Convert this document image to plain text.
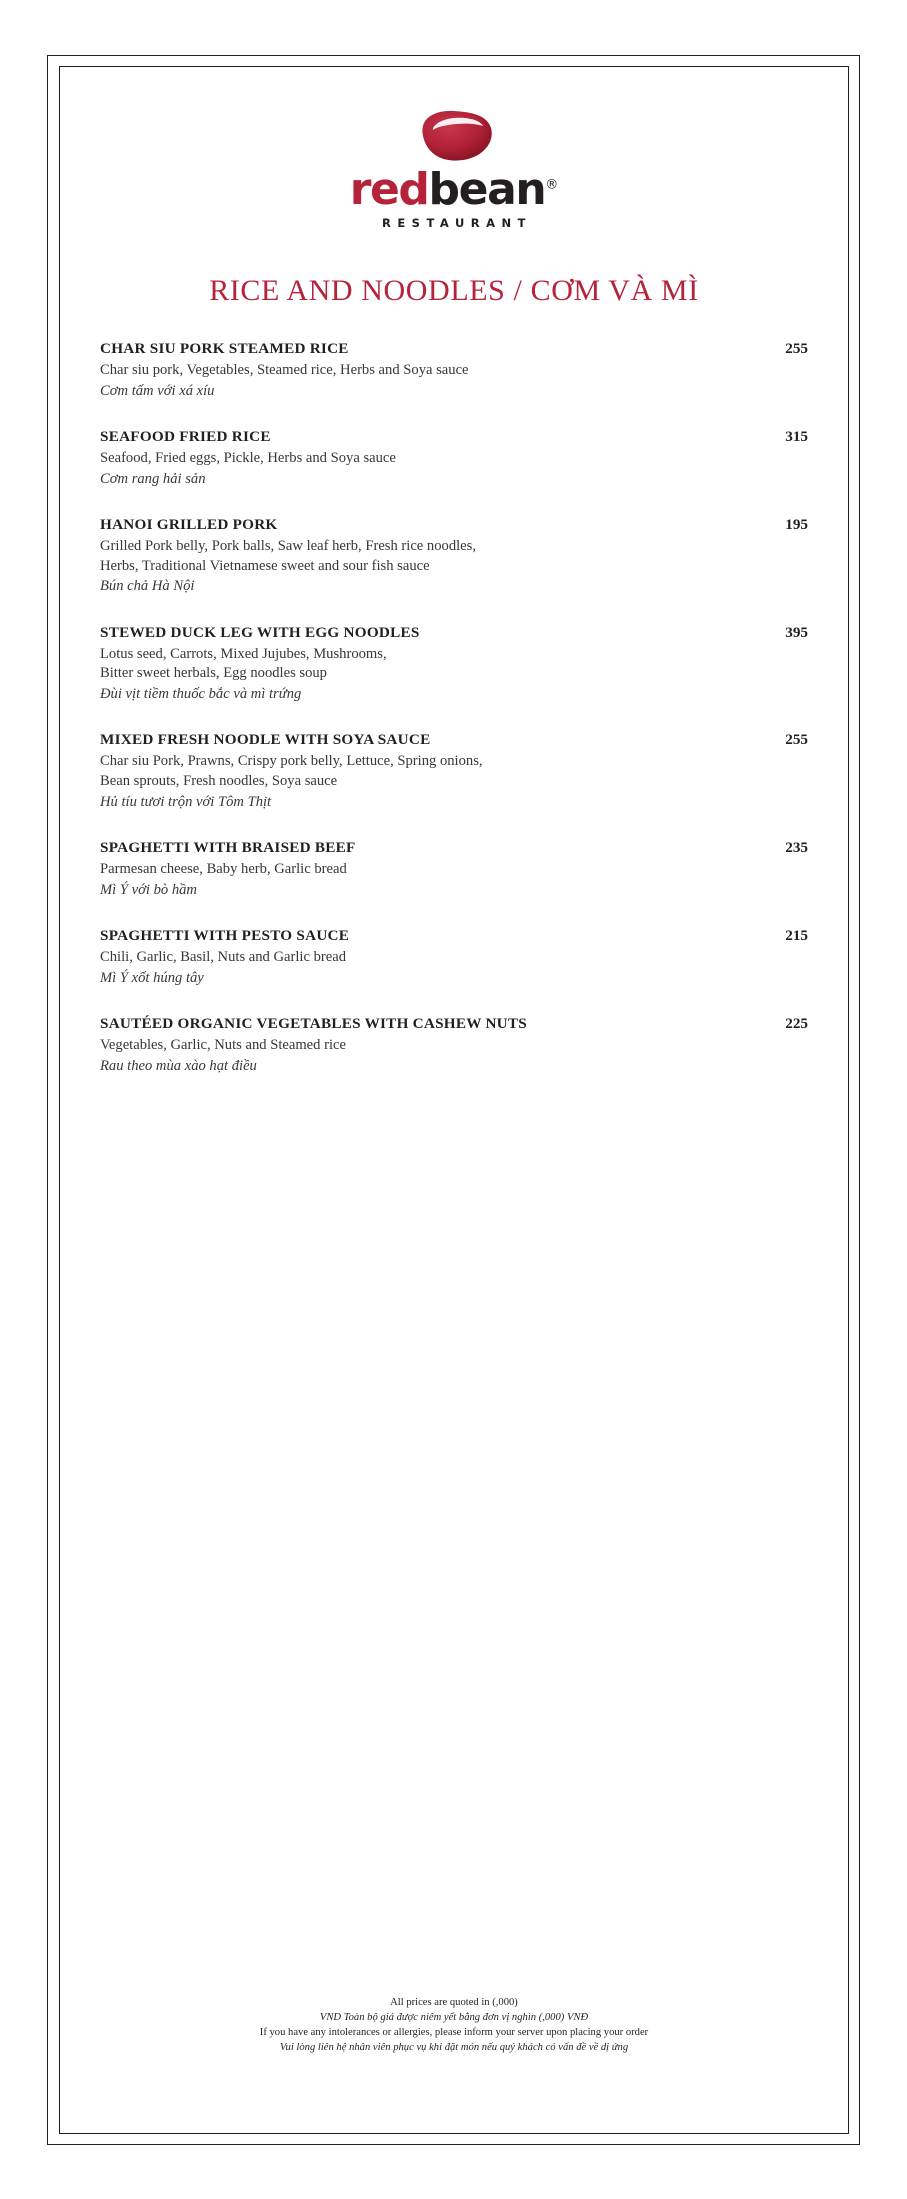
redbean®
RESTAURANT
RICE AND NOODLES / CƠM VÀ MÌ
CHAR SIU PORK STEAMED RICE	255
Char siu pork, Vegetables, Steamed rice, Herbs and Soya sauce
Cơm tấm với xá xíu
SEAFOOD FRIED RICE	315
Seafood, Fried eggs, Pickle, Herbs and Soya sauce
Cơm rang hải sản
HANOI GRILLED PORK	195
Grilled Pork belly, Pork balls, Saw leaf herb, Fresh rice noodles,
Herbs, Traditional Vietnamese sweet and sour fish sauce
Bún chả Hà Nội
STEWED DUCK LEG WITH EGG NOODLES	395
Lotus seed, Carrots, Mixed Jujubes, Mushrooms,
Bitter sweet herbals, Egg noodles soup
Đùi vịt tiềm thuốc bắc và mì trứng
MIXED FRESH NOODLE WITH SOYA SAUCE	255
Char siu Pork, Prawns, Crispy pork belly, Lettuce, Spring onions,
Bean sprouts, Fresh noodles, Soya sauce
Hủ tíu tươi trộn với Tôm Thịt
SPAGHETTI WITH BRAISED BEEF	235
Parmesan cheese, Baby herb, Garlic bread
Mì Ý với bò hầm
SPAGHETTI WITH PESTO SAUCE	215
Chili, Garlic, Basil, Nuts and Garlic bread
Mì Ý xốt húng tây
SAUTÉED ORGANIC VEGETABLES WITH CASHEW NUTS	225
Vegetables, Garlic, Nuts and Steamed rice
Rau theo mùa xào hạt điều
All prices are quoted in (,000)
VND Toàn bộ giá được niêm yết bằng đơn vị nghìn (,000) VNĐ
If you have any intolerances or allergies, please inform your server upon placing your order
Vui lòng liên hệ nhân viên phục vụ khi đặt món nếu quý khách có vấn đề về dị ứng
